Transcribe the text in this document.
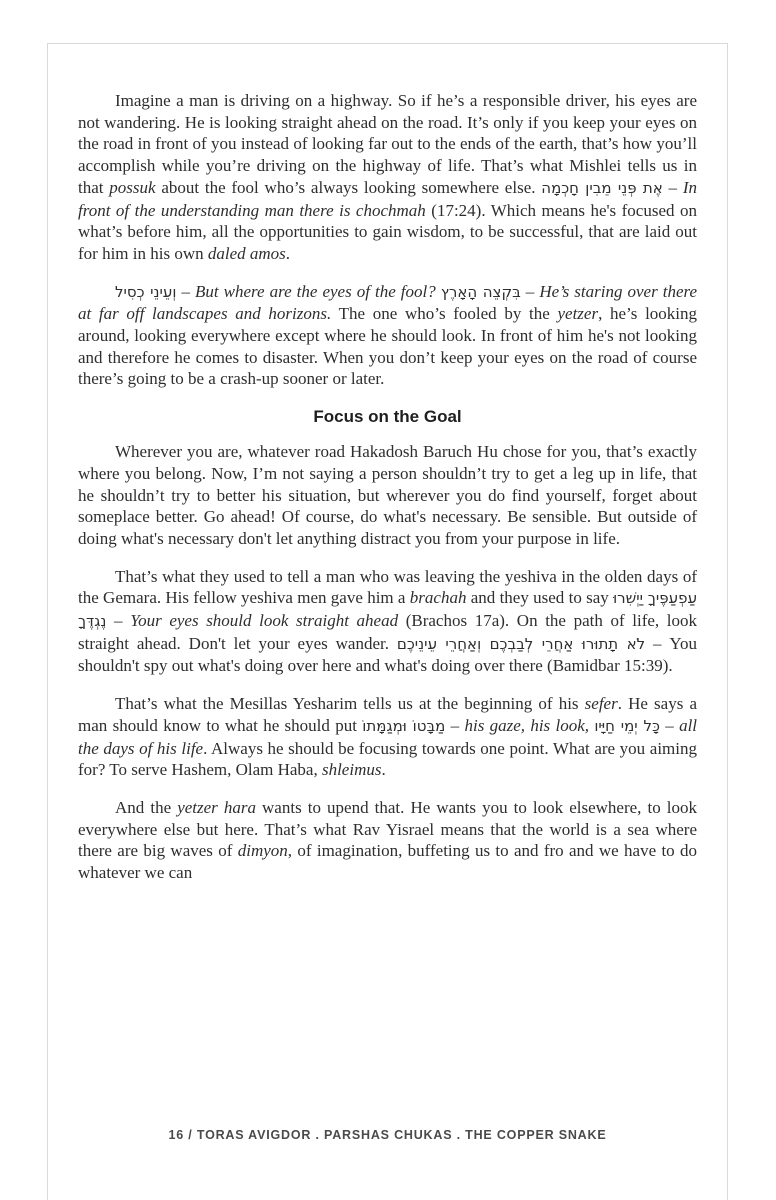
Imagine a man is driving on a highway. So if he’s a responsible driver, his eyes are not wandering. He is looking straight ahead on the road. It’s only if you keep your eyes on the road in front of you instead of looking far out to the ends of the earth, that’s how you’ll accomplish while you’re driving on the highway of life. That’s what Mishlei tells us in that possuk about the fool who’s always looking somewhere else. אֶת פְּנֵי מֵבִין חָכְמָה – In front of the understanding man there is chochmah (17:24). Which means he's focused on what’s before him, all the opportunities to gain wisdom, to be successful, that are laid out for him in his own daled amos.

וְעֵינֵי כְסִיל – But where are the eyes of the fool? בִּקְצֵה הָאָרֶץ – He’s staring over there at far off landscapes and horizons. The one who’s fooled by the yetzer, he’s looking around, looking everywhere except where he should look. In front of him he's not looking and therefore he comes to disaster. When you don’t keep your eyes on the road of course there’s going to be a crash-up sooner or later.

Focus on the Goal

Wherever you are, whatever road Hakadosh Baruch Hu chose for you, that’s exactly where you belong. Now, I’m not saying a person shouldn’t try to get a leg up in life, that he shouldn’t try to better his situation, but wherever you do find yourself, forget about someplace better. Go ahead! Of course, do what's necessary. Be sensible. But outside of doing what's necessary don't let anything distract you from your purpose in life.

That’s what they used to tell a man who was leaving the yeshiva in the olden days of the Gemara. His fellow yeshiva men gave him a brachah and they used to say עַפְעַפֶּיךָ יַיְשִׁרוּ נֶגְדֶּךָ – Your eyes should look straight ahead (Brachos 17a). On the path of life, look straight ahead. Don't let your eyes wander. לֹא תָתוּרוּ אַחֲרֵי לְבַבְכֶם וְאַחֲרֵי עֵינֵיכֶם – You shouldn't spy out what's doing over here and what's doing over there (Bamidbar 15:39).

That’s what the Mesillas Yesharim tells us at the beginning of his sefer. He says a man should know to what he should put מַבָּטוֹ וּמְגַמָּתוֹ – his gaze, his look, כָּל יְמֵי חַיָּיו – all the days of his life. Always he should be focusing towards one point. What are you aiming for? To serve Hashem, Olam Haba, shleimus.

And the yetzer hara wants to upend that. He wants you to look elsewhere, to look everywhere else but here. That’s what Rav Yisrael means that the world is a sea where there are big waves of dimyon, of imagination, buffeting us to and fro and we have to do whatever we can

16 / TORAS AVIGDOR . PARSHAS CHUKAS . THE COPPER SNAKE
